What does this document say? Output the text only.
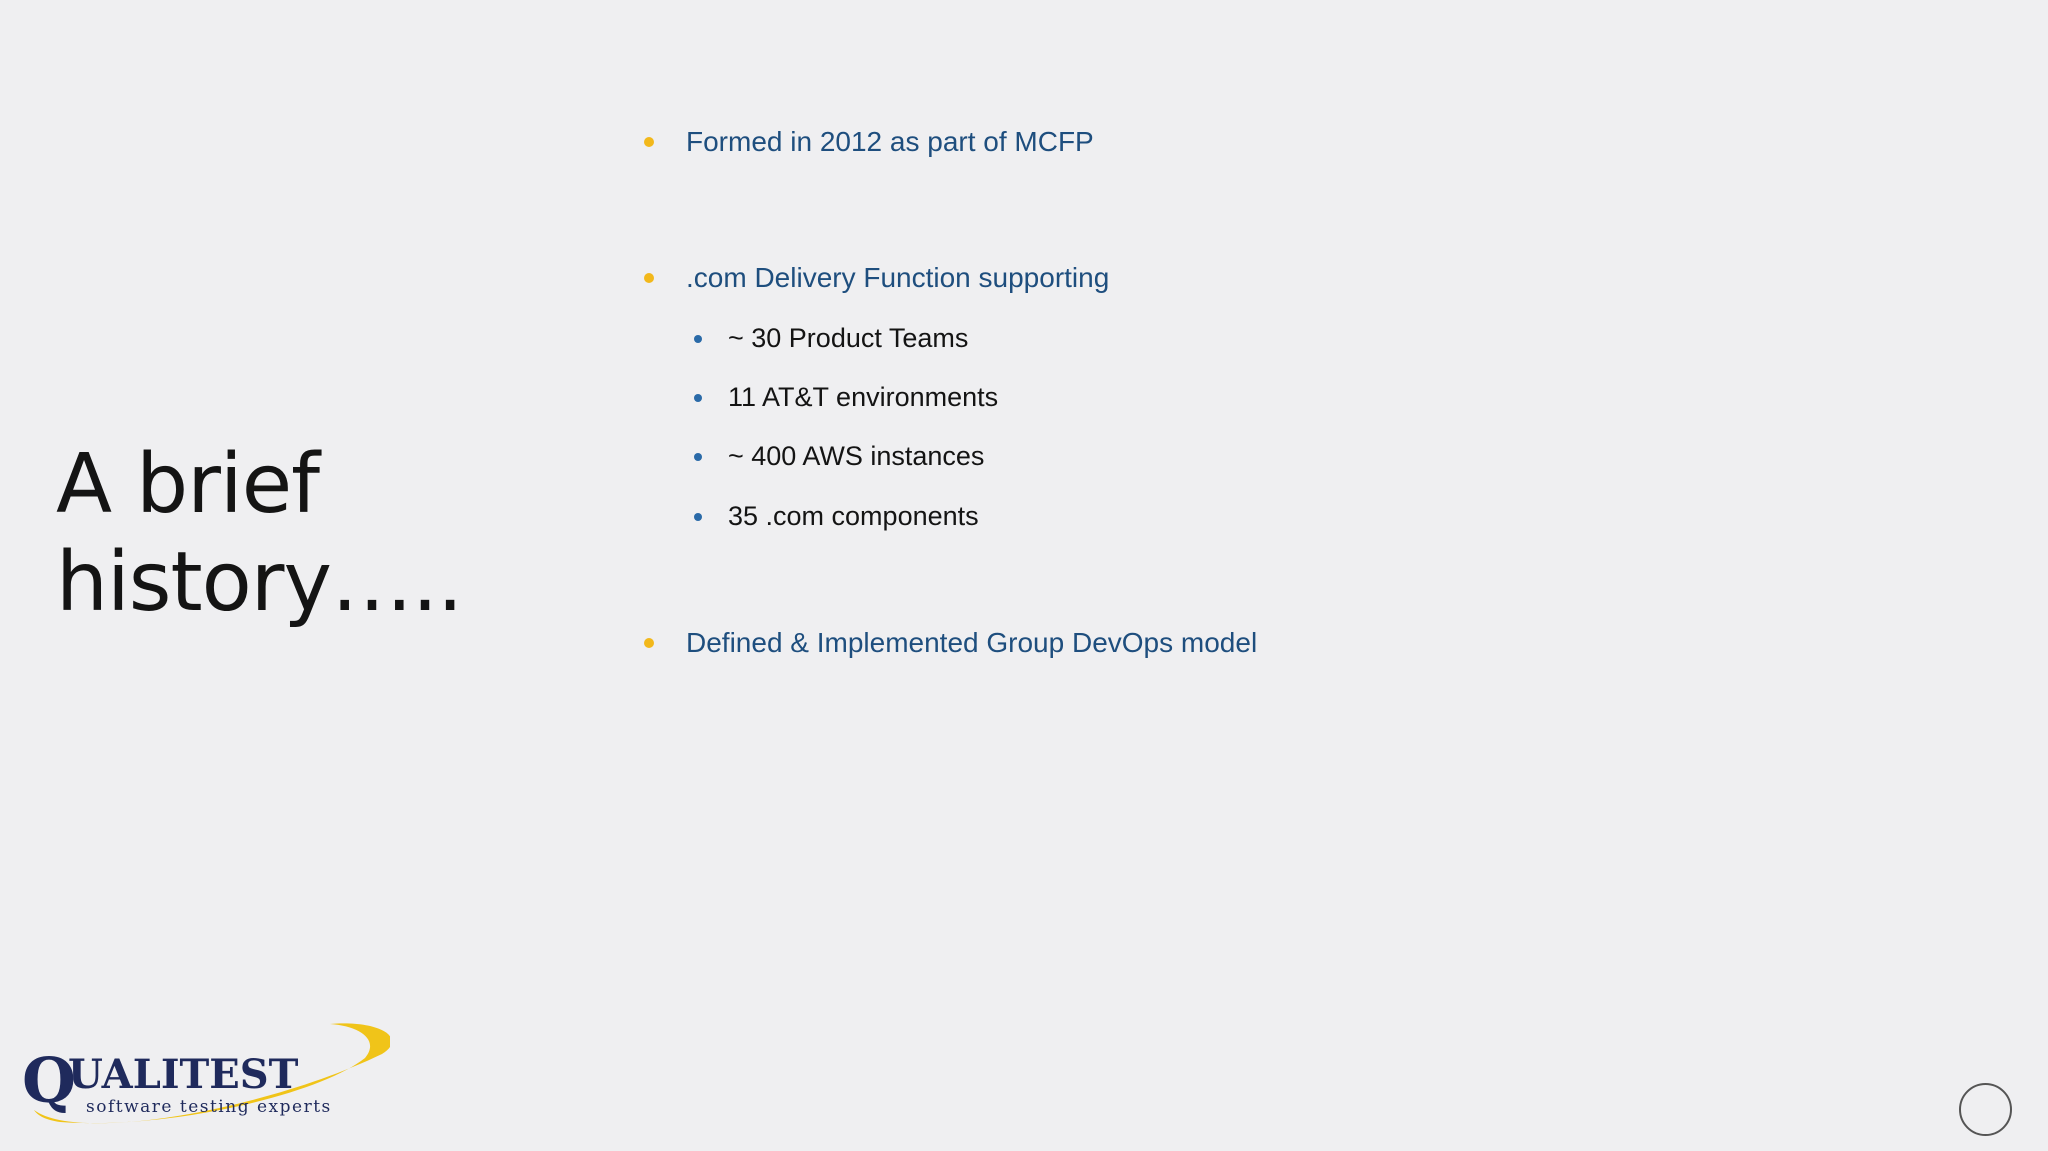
A brief
history…..
Formed in 2012 as part of MCFP
.com Delivery Function supporting
~ 30 Product Teams
11 AT&T environments
~ 400 AWS instances
35 .com components
Defined & Implemented Group DevOps model
Q
UALITEST
software testing experts
